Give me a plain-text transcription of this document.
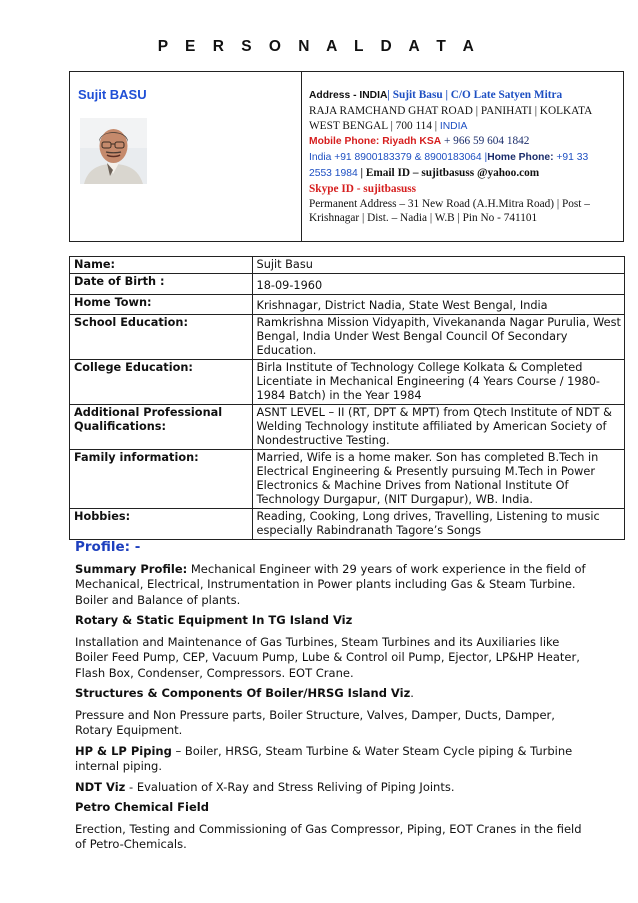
P E R S O N A L D A T A
Sujit BASU	Address - INDIA| Sujit Basu | C/O Late Satyen Mitra
RAJA RAMCHAND GHAT ROAD | PANIHATI | KOLKATA
WEST BENGAL | 700 114 | INDIA
Mobile Phone: Riyadh KSA + 966 59 604 1842
India +91 8900183379 & 8900183064 |Home Phone: +91 33
2553 1984 | Email ID – sujitbasuss @yahoo.com
Skype ID - sujitbasuss
Permanent Address – 31 New Road (A.H.Mitra Road) | Post –
Krishnagar | Dist. – Nadia | W.B | Pin No - 741101
Name:	Sujit Basu
Date of Birth :	18-09-1960
Home Town:	Krishnagar, District Nadia, State West Bengal, India
School Education:	Ramkrishna Mission Vidyapith, Vivekananda Nagar Purulia, West Bengal, India Under West Bengal Council Of Secondary Education.
College Education:	Birla Institute of Technology College Kolkata & Completed Licentiate in Mechanical Engineering (4 Years Course / 1980-1984 Batch) in the Year 1984
Additional Professional Qualifications:	ASNT LEVEL – II (RT, DPT & MPT) from Qtech Institute of NDT & Welding Technology institute affiliated by American Society of Nondestructive Testing.
Family information:	Married, Wife is a home maker. Son has completed B.Tech in Electrical Engineering & Presently pursuing M.Tech in Power Electronics & Machine Drives from National Institute Of Technology Durgapur, (NIT Durgapur), WB. India.
Hobbies:	Reading, Cooking, Long drives, Travelling, Listening to music especially Rabindranath Tagore’s Songs
Profile: -

Summary Profile: Mechanical Engineer with 29 years of work experience in the field of Mechanical, Electrical, Instrumentation in Power plants including Gas & Steam Turbine. Boiler and Balance of plants.

Rotary & Static Equipment In TG Island Viz

Installation and Maintenance of Gas Turbines, Steam Turbines and its Auxiliaries like Boiler Feed Pump, CEP, Vacuum Pump, Lube & Control oil Pump, Ejector, LP&HP Heater, Flash Box, Condenser, Compressors. EOT Crane.

Structures & Components Of Boiler/HRSG Island Viz.

Pressure and Non Pressure parts, Boiler Structure, Valves, Damper, Ducts, Damper, Rotary Equipment.

HP & LP Piping – Boiler, HRSG, Steam Turbine & Water Steam Cycle piping & Turbine internal piping.

NDT Viz - Evaluation of X-Ray and Stress Reliving of Piping Joints.

Petro Chemical Field

Erection, Testing and Commissioning of Gas Compressor, Piping, EOT Cranes in the field of Petro-Chemicals.
